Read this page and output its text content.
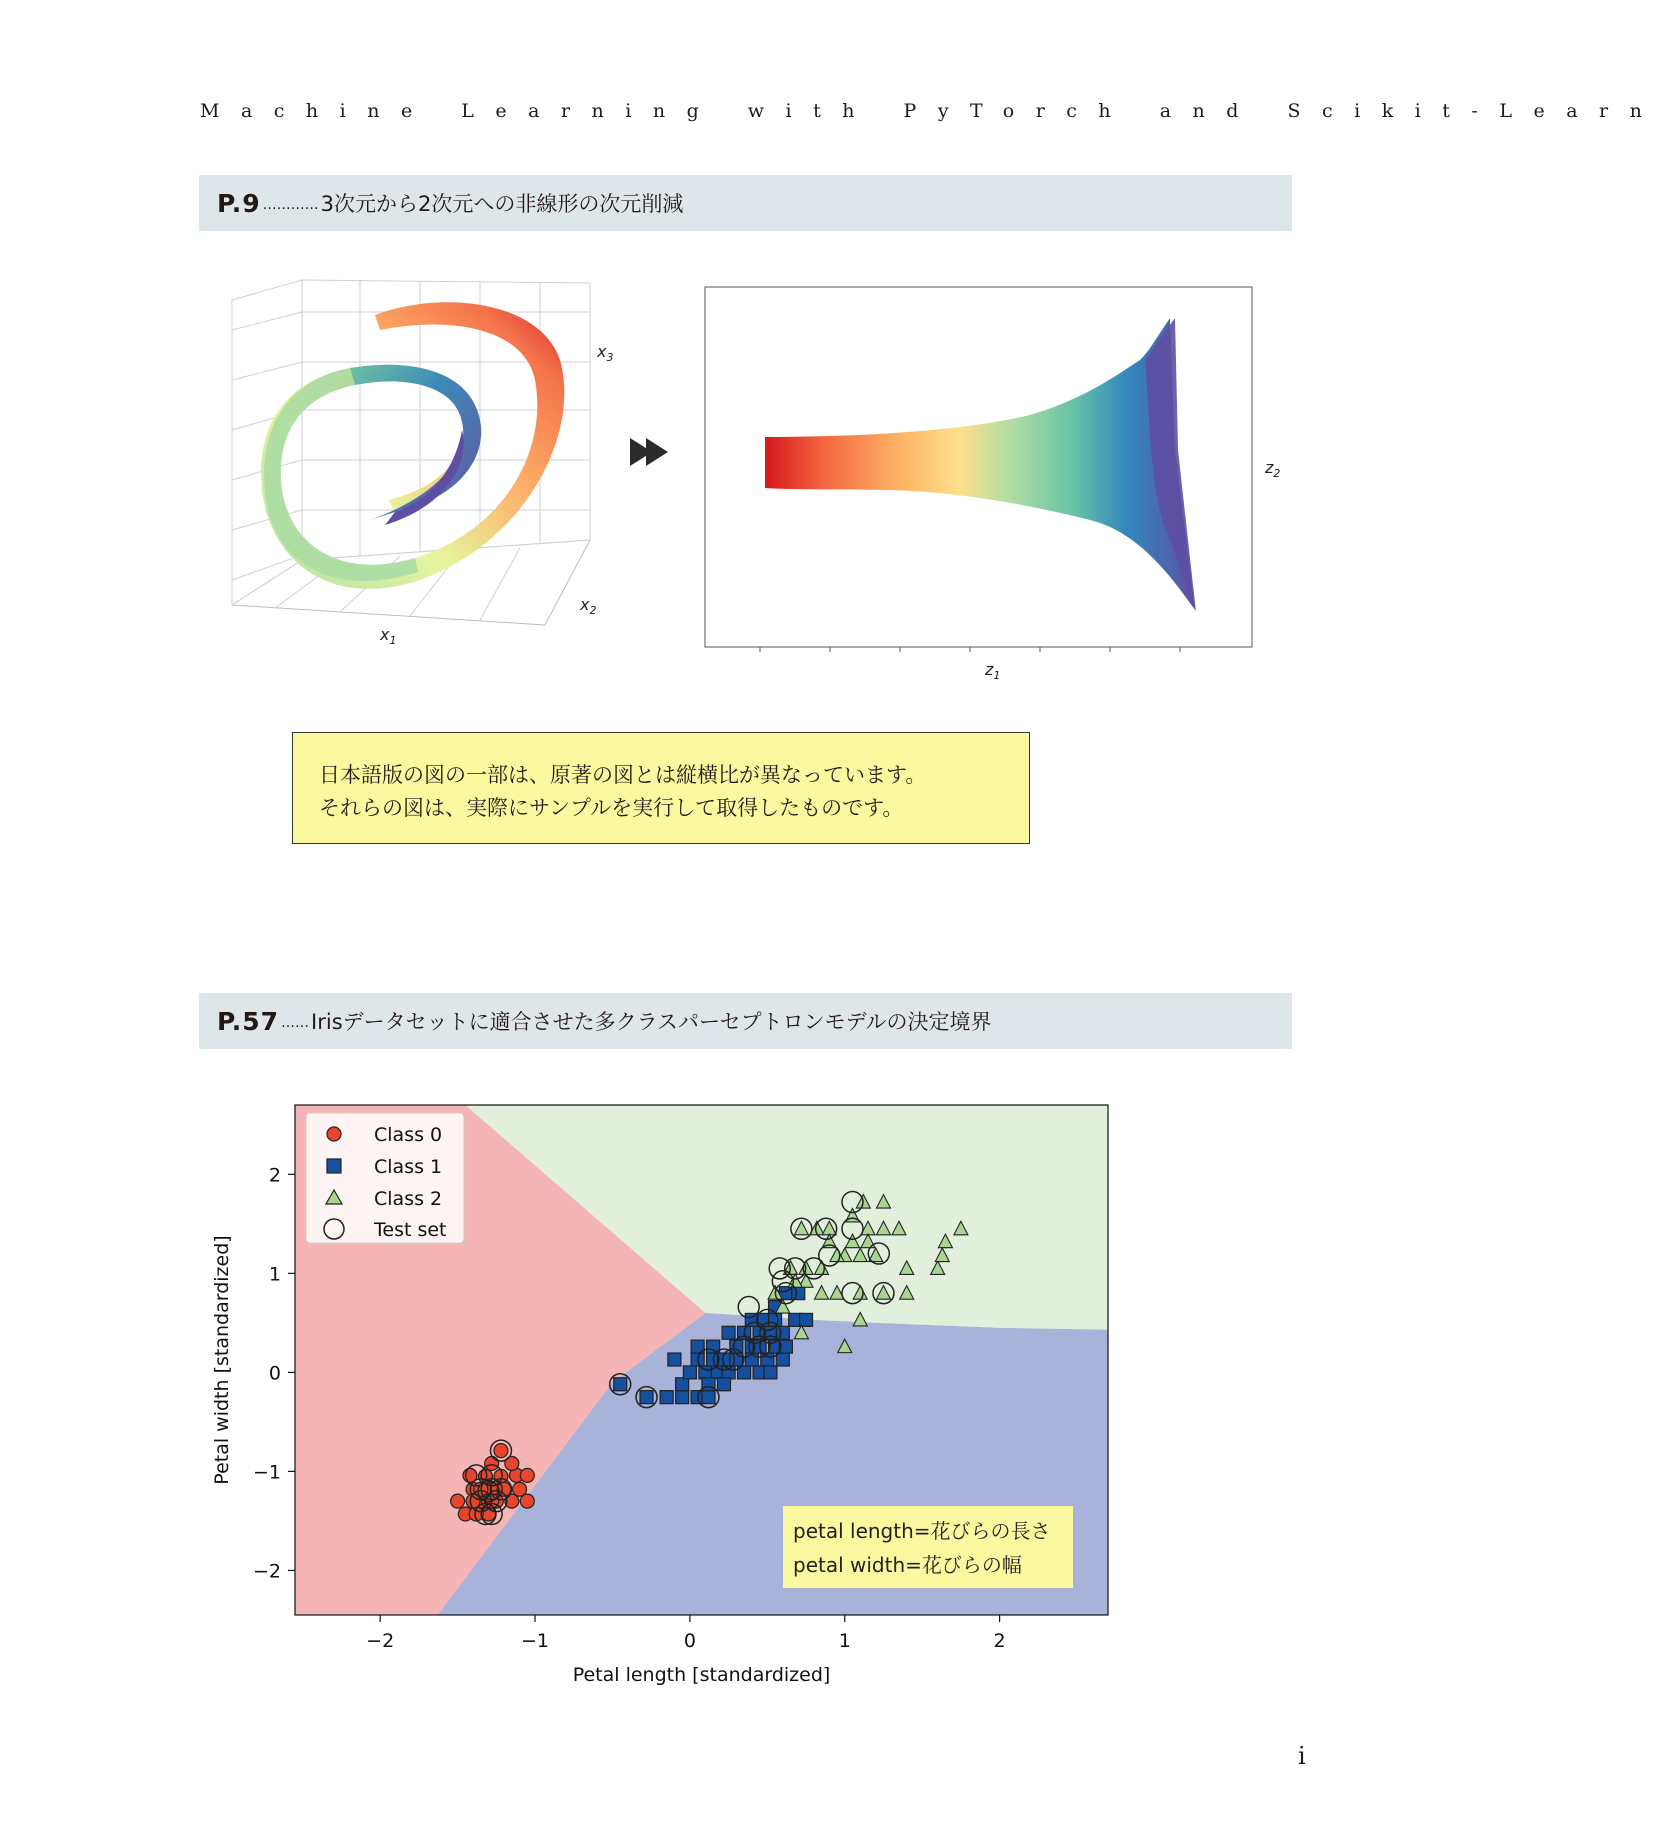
Machine Learning with PyTorch and Scikit-Learn
P.9 ………… 3次元から2次元への非線形の次元削減
$x_1$
$x_2$
$x_3$
$z_1$
$z_2$
日本語版の図の一部は、原著の図とは縦横比が異なっています。
それらの図は、実際にサンプルを実行して取得したものです。
P.57 …… Irisデータセットに適合させた多クラスパーセプトロンモデルの決定境界
−2	−1	0	1	2
−2
−1
0
1
2
Petal length [standardized]
Petal width [standardized]
Class 0
Class 1
Class 2
Test set
petal length=花びらの長さ
petal width=花びらの幅
i
